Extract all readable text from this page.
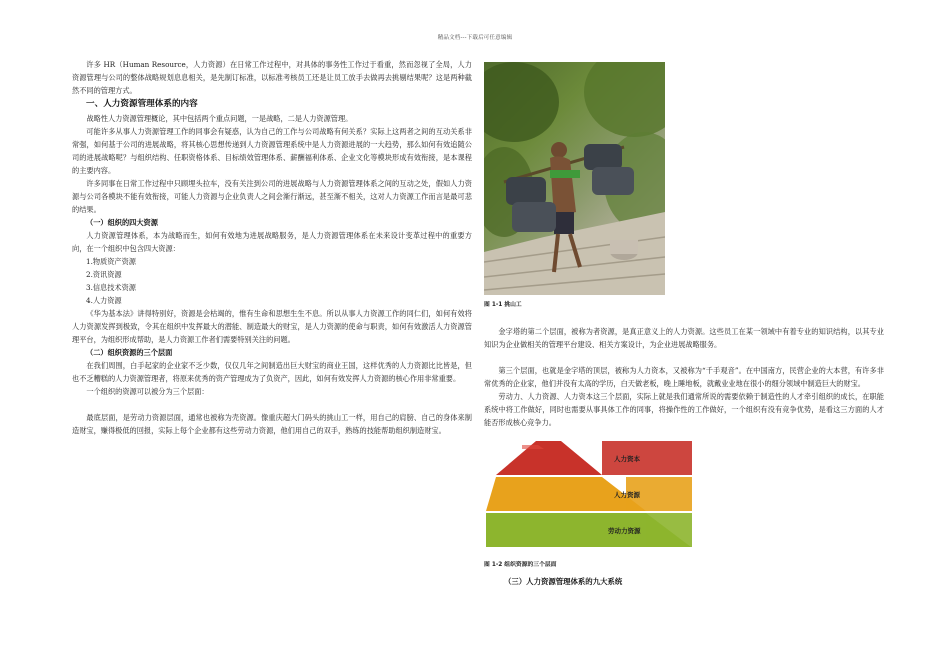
精品文档---下载后可任意编辑

许多 HR（Human Resource，人力资源）在日常工作过程中，对具体的事务性工作过于看重，然而忽视了全局，人力资源管理与公司的整体战略规划息息相关，是先制订标准，以标准考核员工还是让员工放手去做再去挑剔结果呢？这是两种截然不同的管理方式。

一、人力资源管理体系的内容

战略性人力资源管理概论，其中包括两个重点问题，一是战略，二是人力资源管理。

可能许多从事人力资源管理工作的同事会有疑惑，认为自己的工作与公司战略有何关系？实际上这两者之间的互动关系非常强，如何基于公司的进展战略，将其核心思想传递到人力资源管理系统中是人力资源进展的一大趋势，那么如何有效追随公司的进展战略呢？与组织结构、任职资格体系、目标绩效管理体系、薪酬福利体系、企业文化等模块形成有效衔接，是本课程的主要内容。

许多同事在日常工作过程中只顾埋头拉车，没有关注到公司的进展战略与人力资源管理体系之间的互动之处，假如人力资源与公司各模块不能有效衔接，可能人力资源与企业负责人之间会渐行渐远，甚至渐不相关，这对人力资源工作而言是最可悲的结果。

（一）组织的四大资源

人力资源管理体系，本为战略而生，如何有效地为进展战略服务，是人力资源管理体系在未来设计变革过程中的重要方向，在一个组织中包含四大资源：

1.物质资产资源

2.资讯资源

3.信息技术资源

4.人力资源

《华为基本法》讲得特别好，资源是会枯竭的，惟有生命和思想生生不息。所以从事人力资源工作的同仁们，如何有效将人力资源发挥到极致，令其在组织中发挥最大的潜能、制造最大的财宝，是人力资源的使命与职责，如何有效激活人力资源管理平台，为组织形成帮助，是人力资源工作者们需要特别关注的问题。

（二）组织资源的三个层面

在我们周围，白手起家的企业家不乏少数，仅仅几年之间制造出巨大财宝的商业王国，这样优秀的人力资源比比皆是，但也不乏糟糕的人力资源管理者，将原来优秀的资产管理成为了负资产，因此，如何有效发挥人力资源的核心作用非常重要。

一个组织的资源可以被分为三个层面：

最底层面，是劳动力资源层面，通常也被称为壳资源。像重庆超大门码头的挑山工一样，用自己的肩膀、自己的身体来制造财宝，赚得极低的回报，实际上每个企业都有这些劳动力资源，他们用自己的双手，熟练的技能帮助组织制造财宝。

图 1-1 挑山工

金字塔的第二个层面，被称为者资源，是真正意义上的人力资源。这些员工在某一领域中有着专业的知识结构，以其专业知识为企业做相关的管理平台建设、相关方案设计，为企业进展战略服务。

第三个层面，也就是金字塔的顶层，被称为人力资本，又被称为“千手观音”。在中国南方，民营企业的大本营，有许多非常优秀的企业家，他们并没有太高的学历，白天做老板，晚上睡地板，就戴业业地在很小的细分领域中制造巨大的财宝。

劳动力、人力资源、人力资本这三个层面，实际上就是我们通常所说的需要依赖于制造性的人才牵引组织的成长，在职能系统中将工作做好，同时也需要从事具体工作的同事，将操作性的工作做好，一个组织有没有竞争优势，是看这三方面的人才能否形成核心竞争力。

人力资本
人力资源
劳动力资源
图 1-2 组织资源的三个层面
（三）人力资源管理体系的九大系统
